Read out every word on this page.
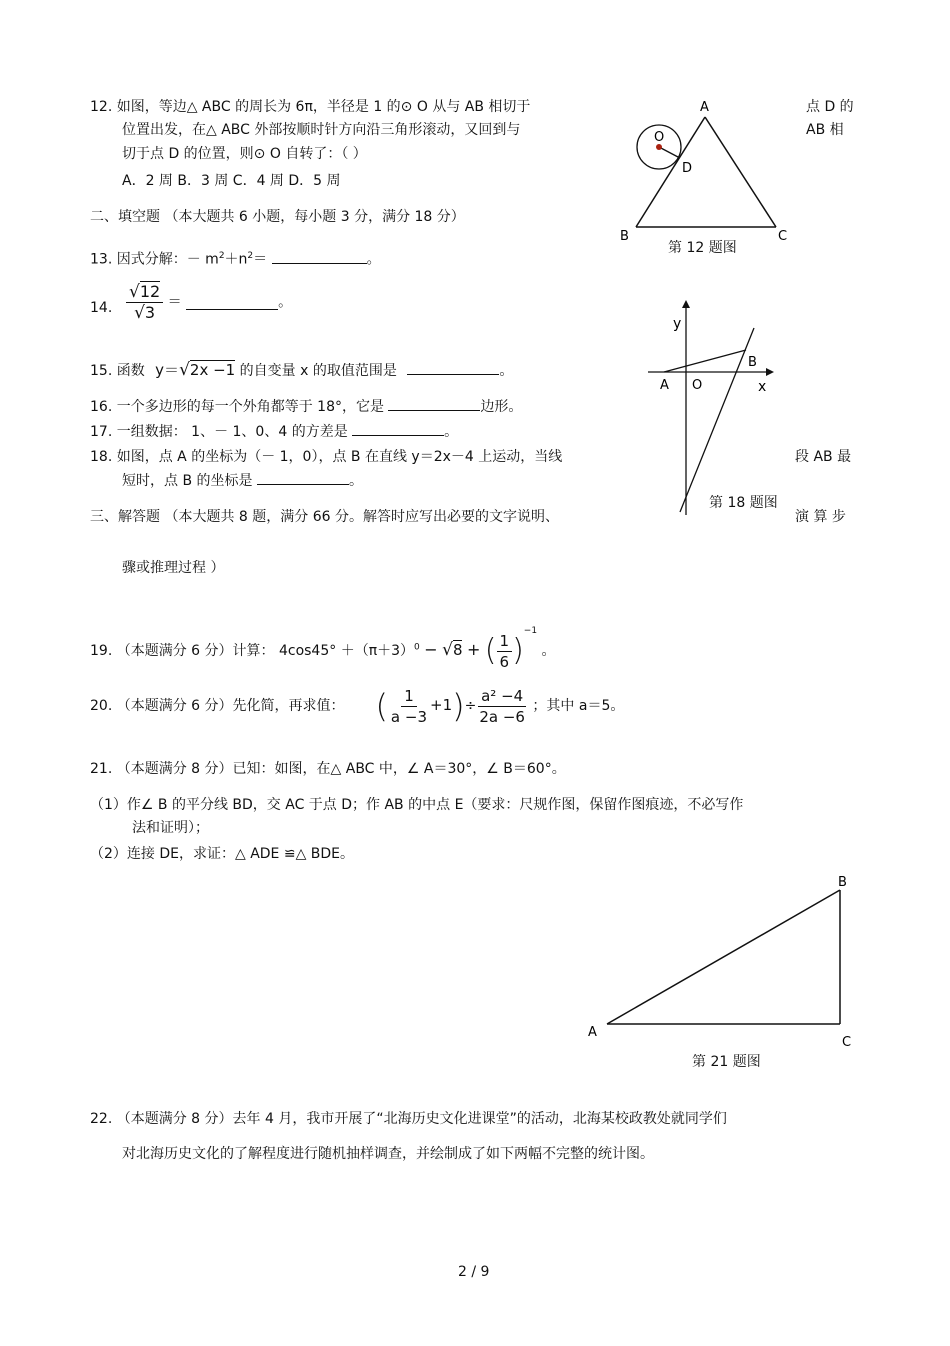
12. 如图，等边△ ABC 的周长为 6π，半径是 1 的⊙ O 从与 AB 相切于	点 D 的
位置出发，在△ ABC 外部按顺时针方向沿三角形滚动，又回到与	AB 相
切于点 D 的位置，则⊙ O 自转了：（ ）
A．2 周 B．3 周 C．4 周 D．5 周
A
O
D
B	C
第 12 题图
二、填空题 （本大题共 6 小题，每小题 3 分，满分 18 分）
13. 因式分解：－ $m^2+n^2=$	。
14. $\frac{√12}{√3}$ ＝	。
15. 函数 y＝√2x −1 的自变量 x 的取值范围是	。
16. 一个多边形的每一个外角都等于 18°，它是	边形。
17. 一组数据： 1、－ 1、0、4 的方差是	。
18. 如图，点 A 的坐标为（－ 1，0），点 B 在直线 y＝2x－4 上运动，当线	段 AB 最
短时，点 B 的坐标是	。
y
x
A O
B
第 18 题图
三、解答题 （本大题共 8 题，满分 66 分。解答时应写出必要的文字说明、	演 算 步
骤或推理过程 ）
19. （本题满分 6 分）计算： $4\cos 45^\circ +(\pi+3)^0 - √8$ + ( $\frac{1}{6} )^{-1}$ 。
20. （本题满分 6 分）先化简，再求值： ( $\frac{1}{a -3} +1)\div \frac{\text{a² −4}}{2a -6}$ ；其中 a＝5。
21. （本题满分 8 分）已知：如图，在△ ABC 中，∠ A＝30°，∠ B＝60°。
（1）作∠ B 的平分线 BD，交 AC 于点 D；作 AB 的中点 E（要求：尺规作图，保留作图痕迹，不必写作
法和证明）；
（2）连接 DE，求证：△ ADE ≌△ BDE。
A
B
C
第 21 题图
22. （本题满分 8 分）去年 4 月，我市开展了“北海历史文化进课堂”的活动，北海某校政教处就同学们
对北海历史文化的了解程度进行随机抽样调查，并绘制成了如下两幅不完整的统计图。
2 / 9
